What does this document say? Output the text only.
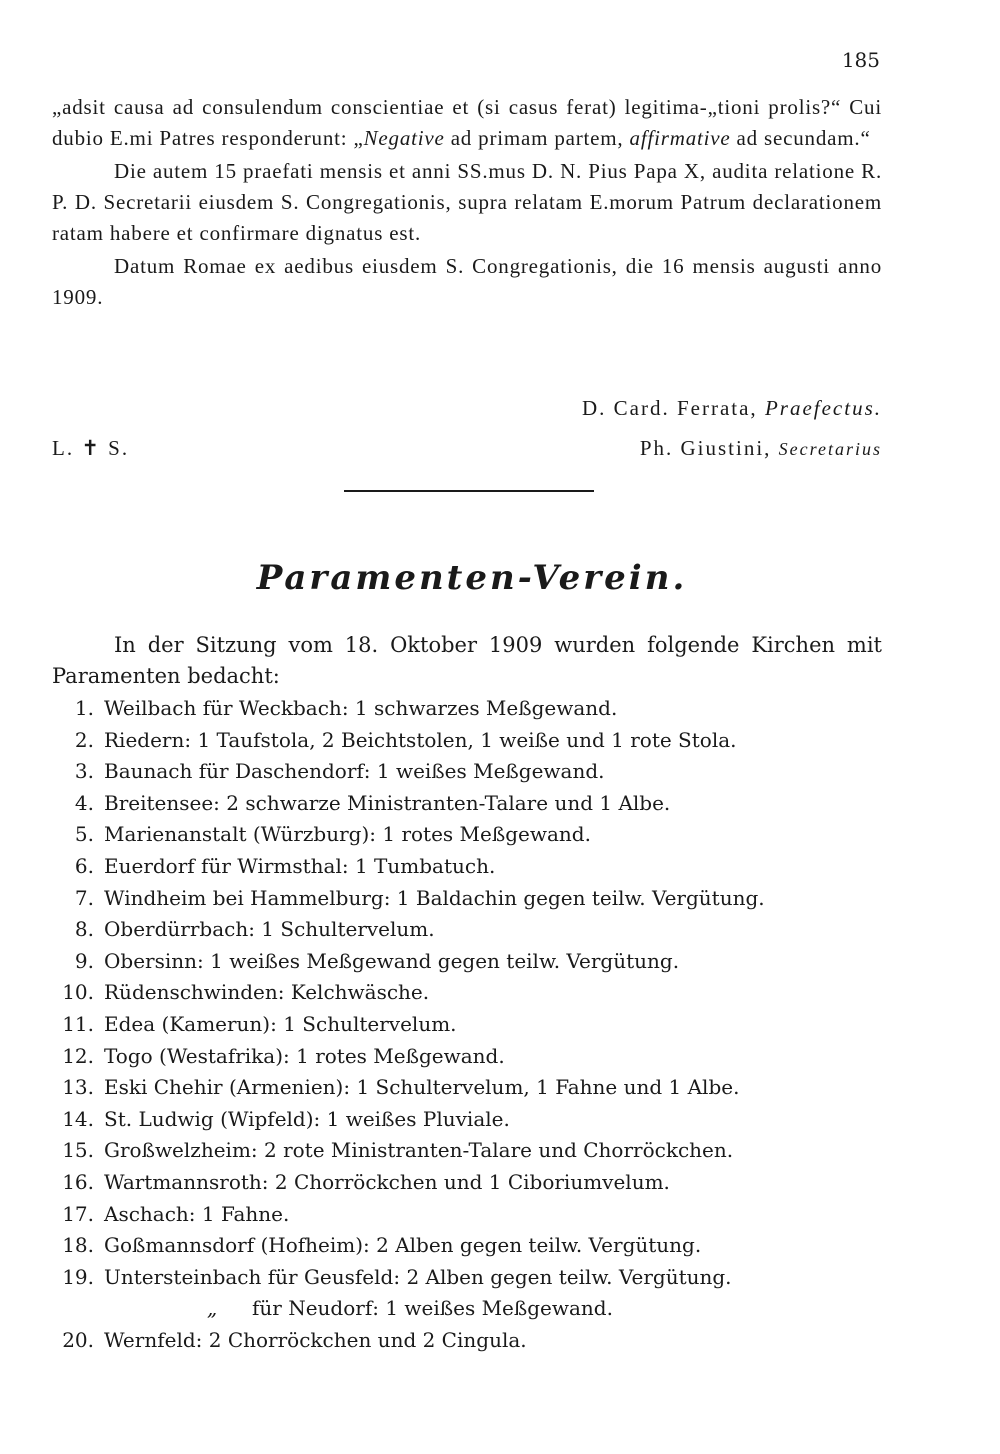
185

„adsit causa ad consulendum conscientiae et (si casus ferat) legitima-„tioni prolis?“ Cui dubio E.mi Patres responderunt: „Negative ad primam partem, affirmative ad secundam.“

Die autem 15 praefati mensis et anni SS.mus D. N. Pius Papa X, audita relatione R. P. D. Secretarii eiusdem S. Congregationis, supra relatam E.morum Patrum declarationem ratam habere et confirmare dignatus est.

Datum Romae ex aedibus eiusdem S. Congregationis, die 16 mensis augusti anno 1909.

D. Card. Ferrata, Praefectus.
L. ✝ S.	Ph. Giustini, Secretarius
Paramenten-Verein.
In der Sitzung vom 18. Oktober 1909 wurden folgende Kirchen mit Paramenten bedacht:
1. Weilbach für Weckbach: 1 schwarzes Meßgewand.
2. Riedern: 1 Taufstola, 2 Beichtstolen, 1 weiße und 1 rote Stola.
3. Baunach für Daschendorf: 1 weißes Meßgewand.
4. Breitensee: 2 schwarze Ministranten-Talare und 1 Albe.
5. Marienanstalt (Würzburg): 1 rotes Meßgewand.
6. Euerdorf für Wirmsthal: 1 Tumbatuch.
7. Windheim bei Hammelburg: 1 Baldachin gegen teilw. Vergütung.
8. Oberdürrbach: 1 Schultervelum.
9. Obersinn: 1 weißes Meßgewand gegen teilw. Vergütung.
10. Rüdenschwinden: Kelchwäsche.
11. Edea (Kamerun): 1 Schultervelum.
12. Togo (Westafrika): 1 rotes Meßgewand.
13. Eski Chehir (Armenien): 1 Schultervelum, 1 Fahne und 1 Albe.
14. St. Ludwig (Wipfeld): 1 weißes Pluviale.
15. Großwelzheim: 2 rote Ministranten-Talare und Chorröckchen.
16. Wartmannsroth: 2 Chorröckchen und 1 Ciboriumvelum.
17. Aschach: 1 Fahne.
18. Goßmannsdorf (Hofheim): 2 Alben gegen teilw. Vergütung.
19. Untersteinbach für Geusfeld: 2 Alben gegen teilw. Vergütung.
„ für Neudorf: 1 weißes Meßgewand.
20. Wernfeld: 2 Chorröckchen und 2 Cingula.
